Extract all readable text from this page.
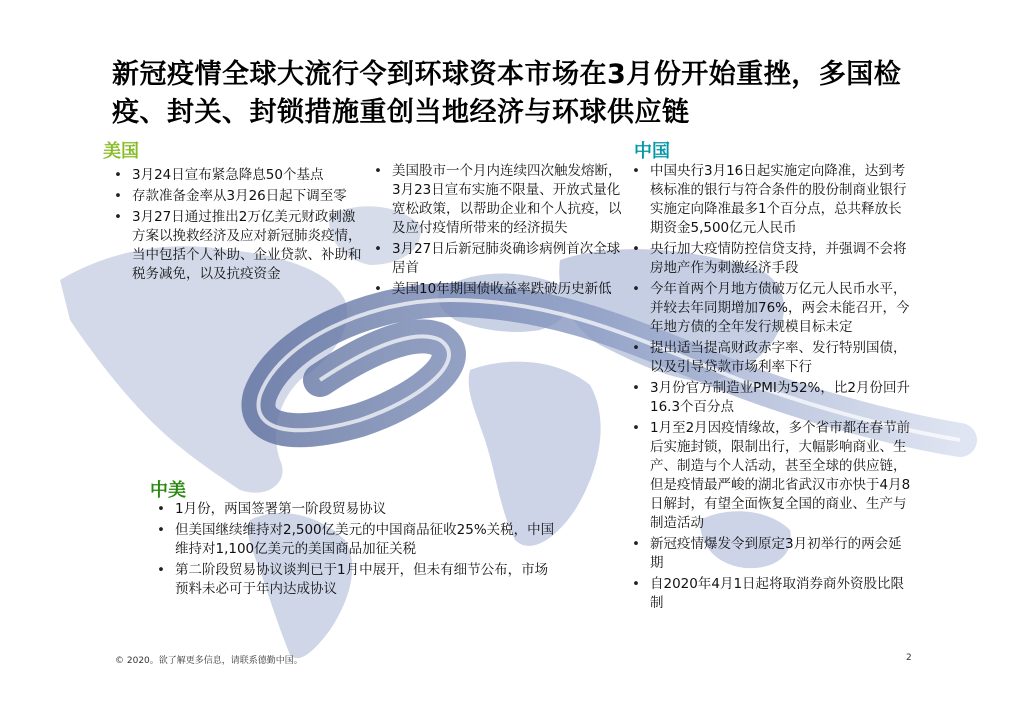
新冠疫情全球大流行令到环球资本市场在3月份开始重挫，多国检疫、封关、封锁措施重创当地经济与环球供应链
美国
• 3月24日宣布紧急降息50个基点
• 存款准备金率从3月26日起下调至零
• 3月27日通过推出2万亿美元财政刺激方案以挽救经济及应对新冠肺炎疫情，当中包括个人补助、企业贷款、补助和税务减免，以及抗疫资金
• 美国股市一个月内连续四次触发熔断，3月23日宣布实施不限量、开放式量化宽松政策，以帮助企业和个人抗疫，以及应付疫情所带来的经济损失
• 3月27日后新冠肺炎确诊病例首次全球居首
• 美国10年期国债收益率跌破历史新低
中国
• 中国央行3月16日起实施定向降准，达到考核标准的银行与符合条件的股份制商业银行实施定向降准最多1个百分点，总共释放长期资金5,500亿元人民币
• 央行加大疫情防控信贷支持，并强调不会将房地产作为刺激经济手段
• 今年首两个月地方债破万亿元人民币水平，并较去年同期增加76%，两会未能召开，今年地方债的全年发行规模目标未定
• 提出适当提高财政赤字率、发行特别国债，以及引导贷款市场利率下行
• 3月份官方制造业PMI为52%，比2月份回升16.3个百分点
• 1月至2月因疫情缘故，多个省市都在春节前后实施封锁，限制出行，大幅影响商业、生产、制造与个人活动，甚至全球的供应链，但是疫情最严峻的湖北省武汉市亦快于4月8日解封，有望全面恢复全国的商业、生产与制造活动
• 新冠疫情爆发令到原定3月初举行的两会延期
• 自2020年4月1日起将取消券商外资股比限制
中美
• 1月份，两国签署第一阶段贸易协议
• 但美国继续维持对2,500亿美元的中国商品征收25%关税，中国维持对1,100亿美元的美国商品加征关税
• 第二阶段贸易协议谈判已于1月中展开，但未有细节公布，市场预料未必可于年内达成协议
© 2020。欲了解更多信息，请联系德勤中国。	2
